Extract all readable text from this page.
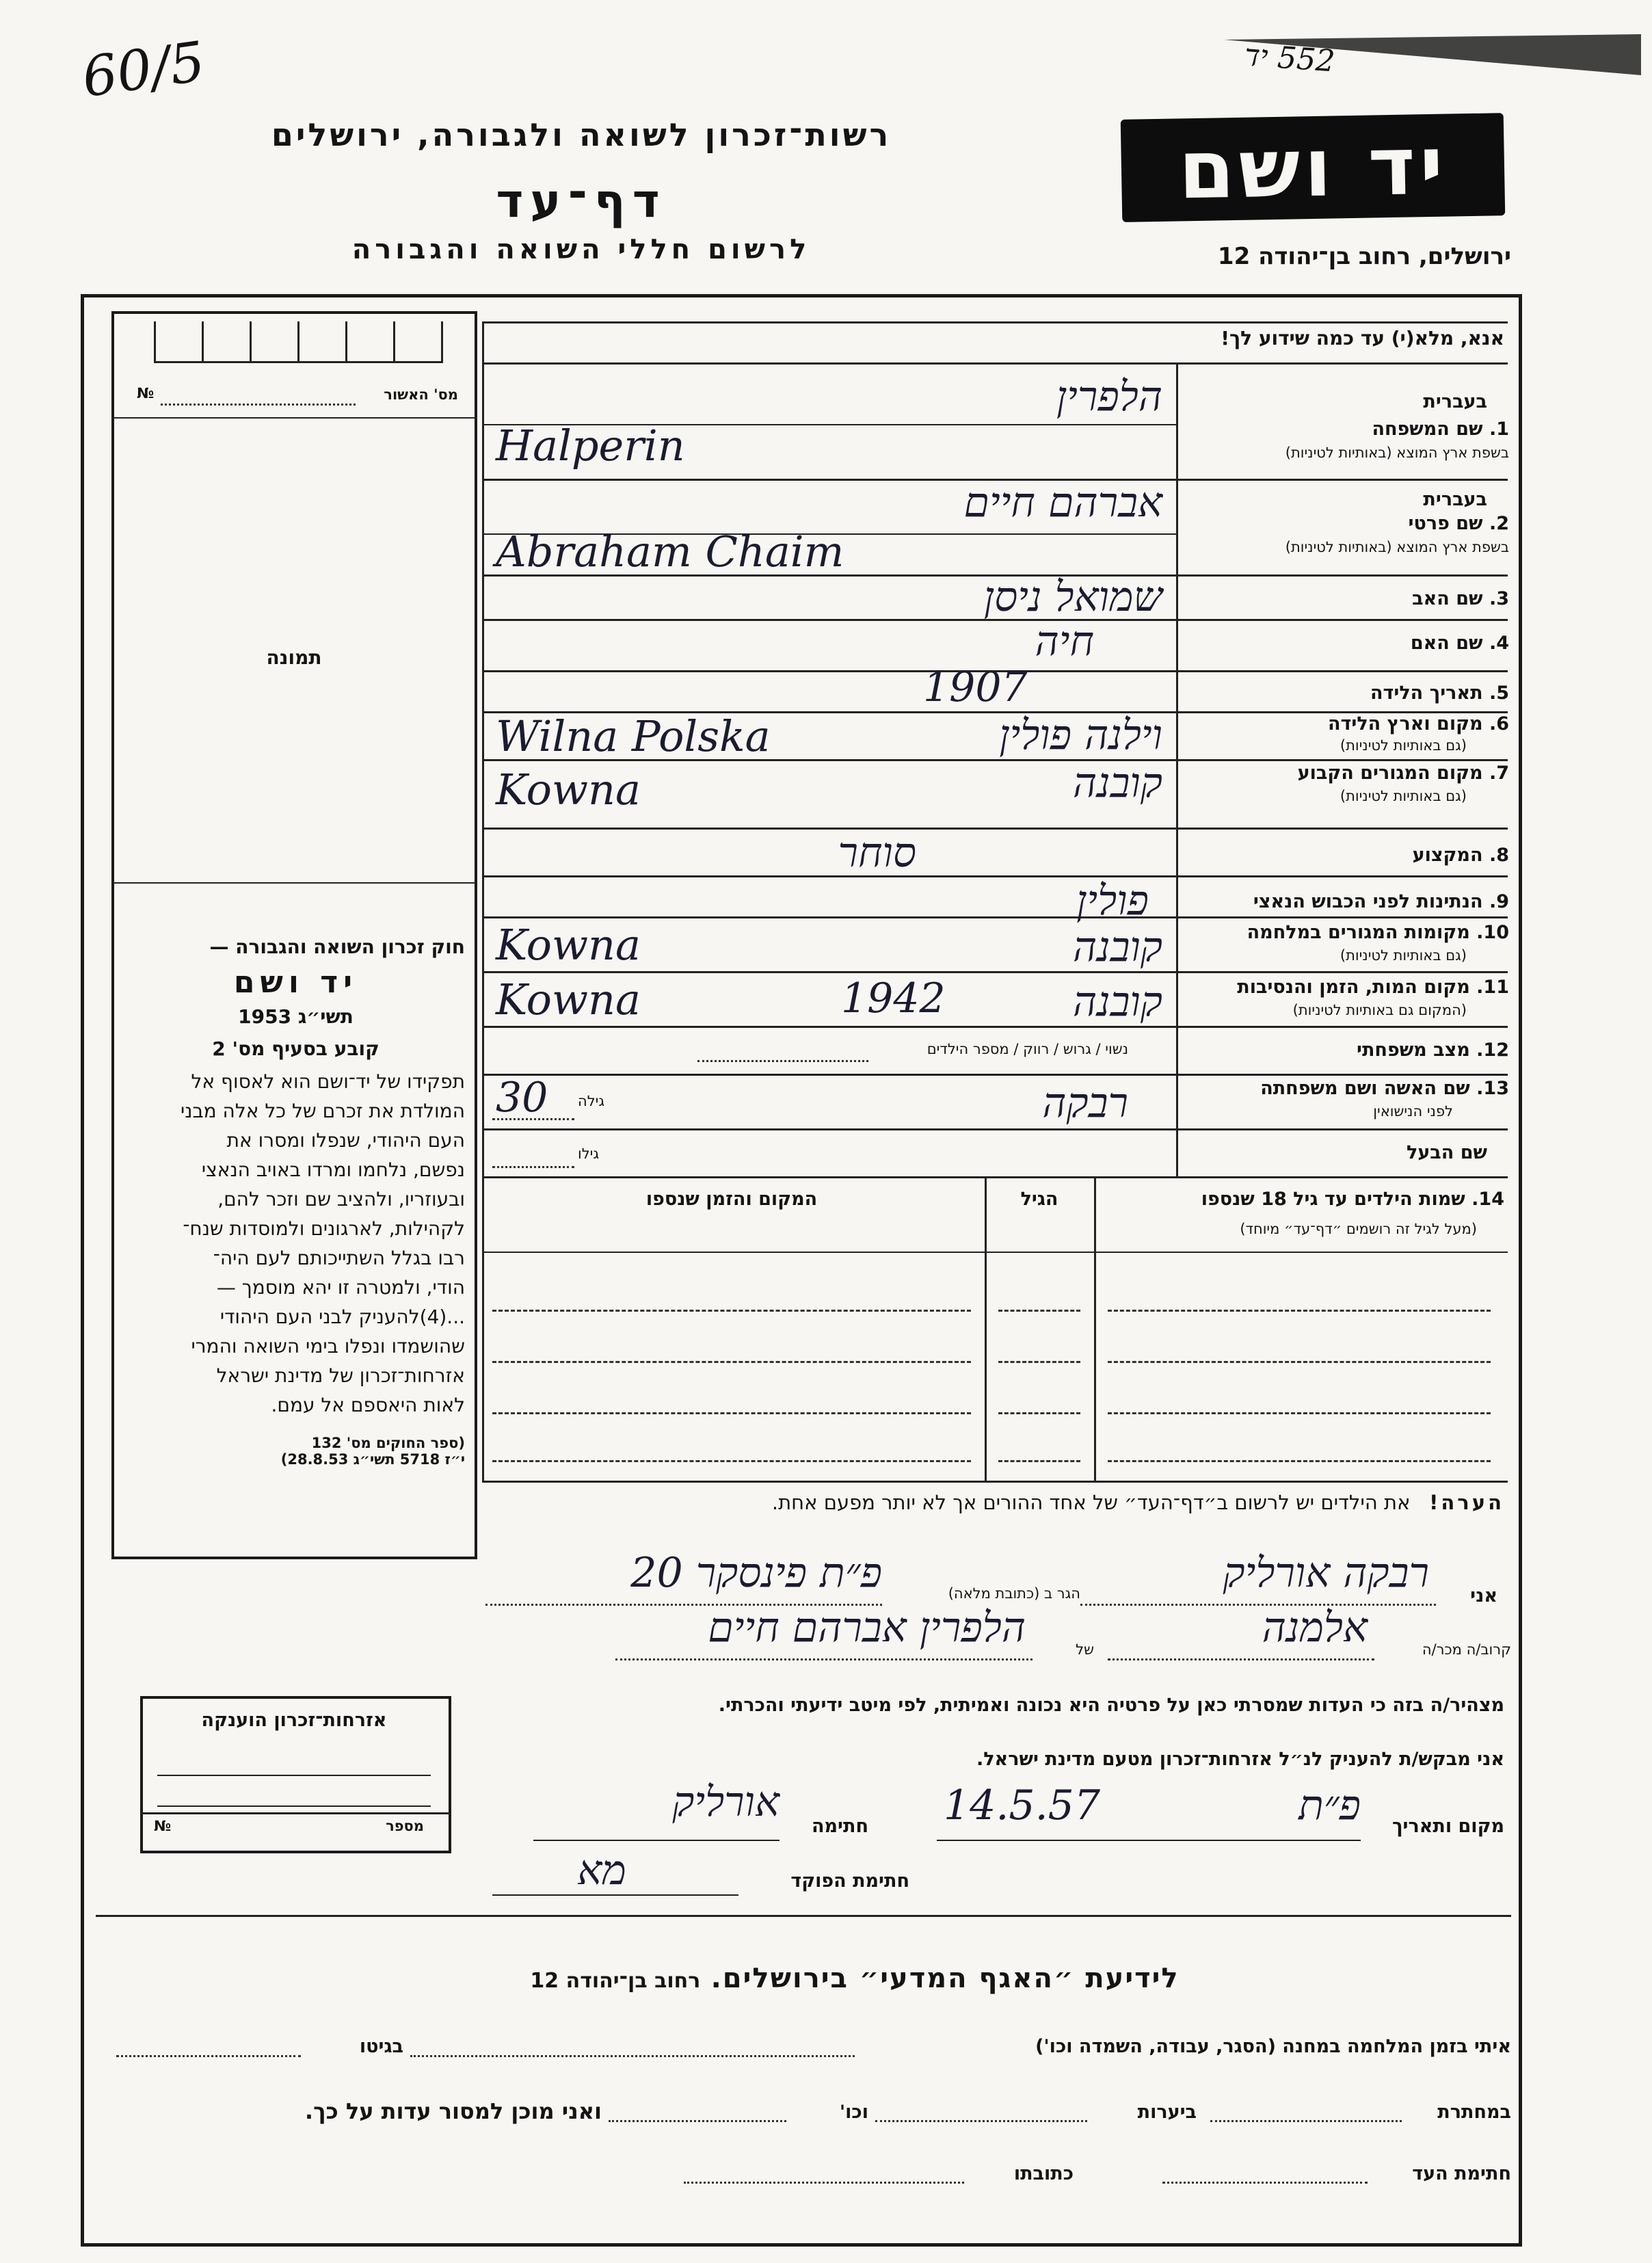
60/5	552 יד
רשות־זכרון לשואה ולגבורה, ירושלים
דף־עד
לרשום חללי השואה והגבורה
יד ושם
ירושלים, רחוב בן־יהודה 12
מס' האשור
№
תמונה
חוק זכרון השואה והגבורה —
יד ושם
תשי״ג 1953
קובע בסעיף מס' 2
תפקידו של יד־ושם הוא לאסוף אל
המולדת את זכרם של כל אלה מבני
העם היהודי, שנפלו ומסרו את
נפשם, נלחמו ומרדו באויב הנאצי
ובעוזריו, ולהציב שם וזכר להם,
לקהילות, לארגונים ולמוסדות שנח־
רבו בגלל השתייכותם לעם היה־
הודי, ולמטרה זו יהא מוסמך —
...(4)להעניק לבני העם היהודי
שהושמדו ונפלו בימי השואה והמרי
אזרחות־זכרון של מדינת ישראל
לאות היאספם אל עמם.
(ספר החוקים מס' 132
י״ז 5718 תשי״ג 28.8.53)
אנא, מלא(י) עד כמה שידוע לך!
בעברית
1. שם המשפחה
בשפת ארץ המוצא (באותיות לטיניות)
בעברית
2. שם פרטי
בשפת ארץ המוצא (באותיות לטיניות)
3. שם האב
4. שם האם
5. תאריך הלידה
6. מקום וארץ הלידה
(גם באותיות לטיניות)
7. מקום המגורים הקבוע
(גם באותיות לטיניות)
8. המקצוע
9. הנתינות לפני הכבוש הנאצי
10. מקומות המגורים במלחמה
(גם באותיות לטיניות)
11. מקום המות, הזמן והנסיבות
(המקום גם באותיות לטיניות)
12. מצב משפחתי
13. שם האשה ושם משפחתה
לפני הנישואין
שם הבעל
הלפרין
Halperin
אברהם חיים
Abraham Chaim
שמואל ניסן
חיה
1907
וילנה פולין
Wilna Polska
קובנה
Kowna
סוחר
פולין
קובנה
Kowna
קובנה
1942
Kowna
נשוי / גרוש / רווק / מספר הילדים
רבקה
גילה
30
גילו
14. שמות הילדים עד גיל 18 שנספו
(מעל לגיל זה רושמים ״דף־עד״ מיוחד)
הגיל
המקום והזמן שנספו
הערה!   את הילדים יש לרשום ב״דף־העד״ של אחד ההורים אך לא יותר מפעם אחת.
אני
רבקה אורליק
הגר ב (כתובת מלאה)
פ״ת פינסקר 20
קרוב/ה מכר/ה
אלמנה
של
הלפרין אברהם חיים
מצהיר/ה בזה כי העדות שמסרתי כאן על פרטיה היא נכונה ואמיתית, לפי מיטב ידיעתי והכרתי.
אני מבקש/ת להעניק לנ״ל אזרחות־זכרון מטעם מדינת ישראל.
מקום ותאריך
פ״ת
14.5.57
חתימה
אורליק
חתימת הפוקד
מא
אזרחות־זכרון הוענקה
מספר
№
לידיעת ״האגף המדעי״ בירושלים.   רחוב בן־יהודה 12
איתי בזמן המלחמה במחנה (הסגר, עבודה, השמדה וכו')
בגיטו
במחתרת
ביערות
וכו'
ואני מוכן למסור עדות על כך.
חתימת העד
כתובתו
